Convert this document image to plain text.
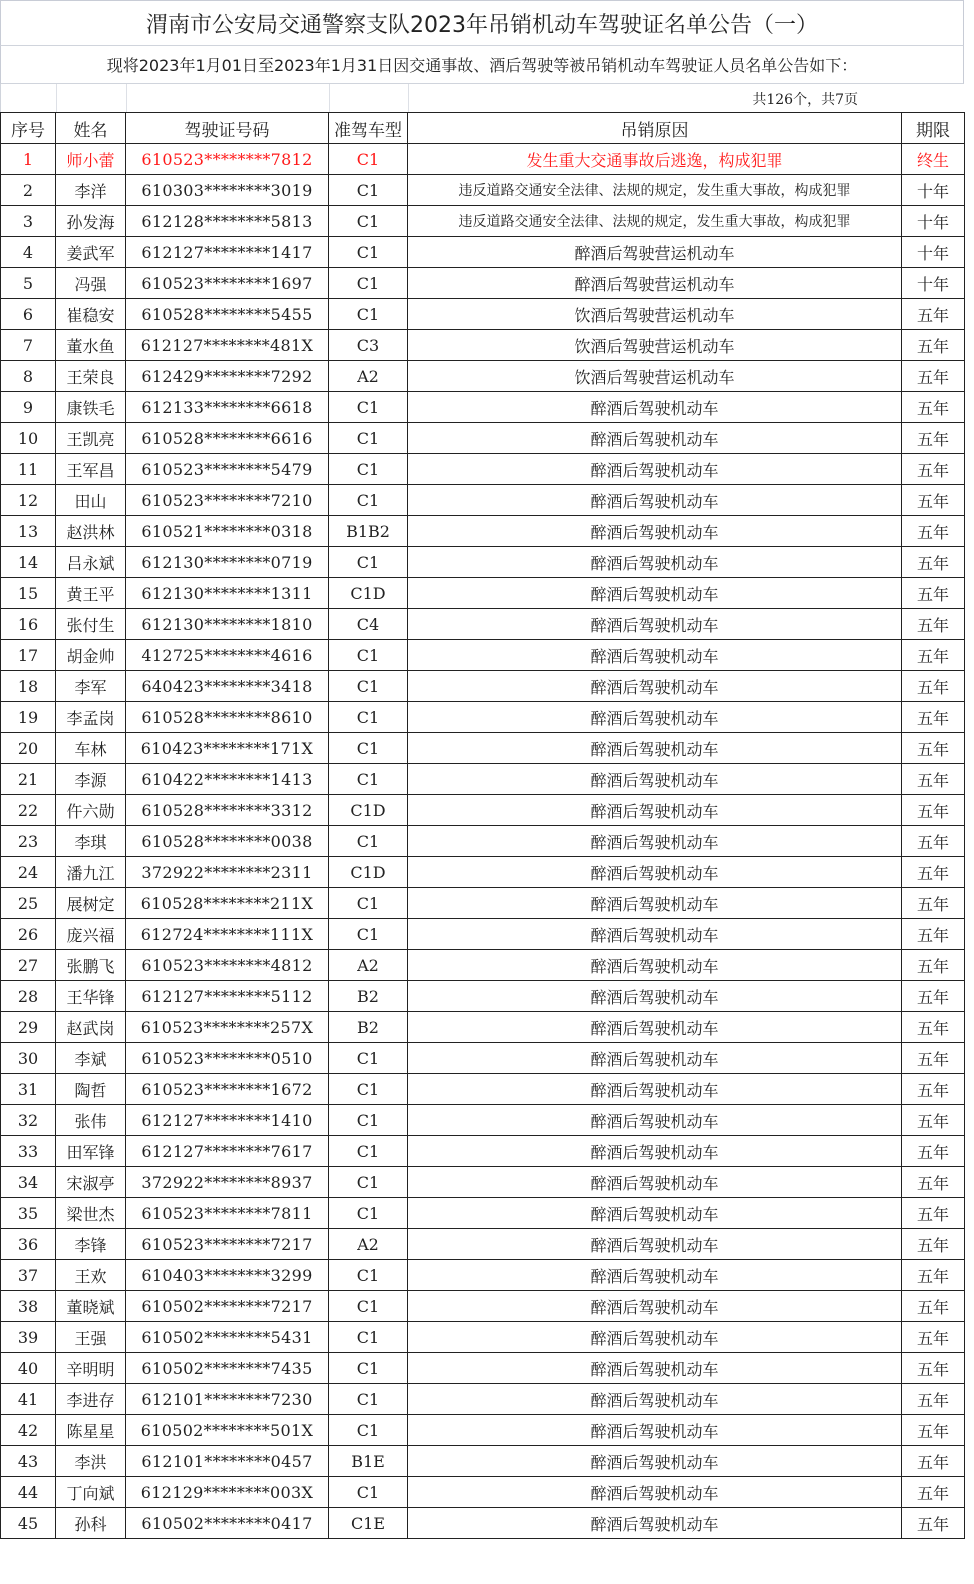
渭南市公安局交通警察支队2023年吊销机动车驾驶证名单公告（一）
现将2023年1月01日至2023年1月31日因交通事故、酒后驾驶等被吊销机动车驾驶证人员名单公告如下：
共126个，共7页
序号	姓名	驾驶证号码	准驾车型	吊销原因	期限
1	师小蕾	610523********7812	C1	发生重大交通事故后逃逸，构成犯罪	终生
2	李洋	610303********3019	C1	违反道路交通安全法律、法规的规定，发生重大事故，构成犯罪	十年
3	孙发海	612128********5813	C1	违反道路交通安全法律、法规的规定，发生重大事故，构成犯罪	十年
4	姜武军	612127********1417	C1	醉酒后驾驶营运机动车	十年
5	冯强	610523********1697	C1	醉酒后驾驶营运机动车	十年
6	崔稳安	610528********5455	C1	饮酒后驾驶营运机动车	五年
7	董水鱼	612127********481X	C3	饮酒后驾驶营运机动车	五年
8	王荣良	612429********7292	A2	饮酒后驾驶营运机动车	五年
9	康铁毛	612133********6618	C1	醉酒后驾驶机动车	五年
10	王凯亮	610528********6616	C1	醉酒后驾驶机动车	五年
11	王军昌	610523********5479	C1	醉酒后驾驶机动车	五年
12	田山	610523********7210	C1	醉酒后驾驶机动车	五年
13	赵洪林	610521********0318	B1B2	醉酒后驾驶机动车	五年
14	吕永斌	612130********0719	C1	醉酒后驾驶机动车	五年
15	黄王平	612130********1311	C1D	醉酒后驾驶机动车	五年
16	张付生	612130********1810	C4	醉酒后驾驶机动车	五年
17	胡金帅	412725********4616	C1	醉酒后驾驶机动车	五年
18	李军	640423********3418	C1	醉酒后驾驶机动车	五年
19	李孟岗	610528********8610	C1	醉酒后驾驶机动车	五年
20	车林	610423********171X	C1	醉酒后驾驶机动车	五年
21	李源	610422********1413	C1	醉酒后驾驶机动车	五年
22	仵六勋	610528********3312	C1D	醉酒后驾驶机动车	五年
23	李琪	610528********0038	C1	醉酒后驾驶机动车	五年
24	潘九江	372922********2311	C1D	醉酒后驾驶机动车	五年
25	展树定	610528********211X	C1	醉酒后驾驶机动车	五年
26	庞兴福	612724********111X	C1	醉酒后驾驶机动车	五年
27	张鹏飞	610523********4812	A2	醉酒后驾驶机动车	五年
28	王华锋	612127********5112	B2	醉酒后驾驶机动车	五年
29	赵武岗	610523********257X	B2	醉酒后驾驶机动车	五年
30	李斌	610523********0510	C1	醉酒后驾驶机动车	五年
31	陶哲	610523********1672	C1	醉酒后驾驶机动车	五年
32	张伟	612127********1410	C1	醉酒后驾驶机动车	五年
33	田军锋	612127********7617	C1	醉酒后驾驶机动车	五年
34	宋淑亭	372922********8937	C1	醉酒后驾驶机动车	五年
35	梁世杰	610523********7811	C1	醉酒后驾驶机动车	五年
36	李锋	610523********7217	A2	醉酒后驾驶机动车	五年
37	王欢	610403********3299	C1	醉酒后驾驶机动车	五年
38	董晓斌	610502********7217	C1	醉酒后驾驶机动车	五年
39	王强	610502********5431	C1	醉酒后驾驶机动车	五年
40	辛明明	610502********7435	C1	醉酒后驾驶机动车	五年
41	李进存	612101********7230	C1	醉酒后驾驶机动车	五年
42	陈星星	610502********501X	C1	醉酒后驾驶机动车	五年
43	李洪	612101********0457	B1E	醉酒后驾驶机动车	五年
44	丁向斌	612129********003X	C1	醉酒后驾驶机动车	五年
45	孙科	610502********0417	C1E	醉酒后驾驶机动车	五年
